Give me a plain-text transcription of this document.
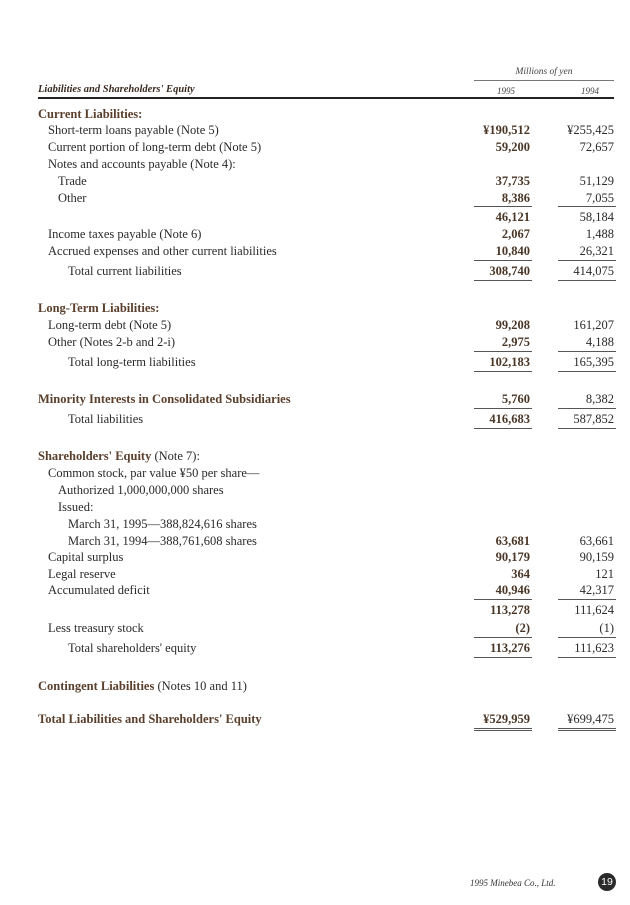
Millions of yen
Liabilities and Shareholders' Equity	1995	1994
Current Liabilities:
Short-term loans payable (Note 5)	¥190,512	¥255,425
Current portion of long-term debt (Note 5)	59,200	72,657
Notes and accounts payable (Note 4):
Trade	37,735	51,129
Other	8,386	7,055
46,121	58,184
Income taxes payable (Note 6)	2,067	1,488
Accrued expenses and other current liabilities	10,840	26,321
Total current liabilities	308,740	414,075
Long-Term Liabilities:
Long-term debt (Note 5)	99,208	161,207
Other (Notes 2-b and 2-i)	2,975	4,188
Total long-term liabilities	102,183	165,395
Minority Interests in Consolidated Subsidiaries	5,760	8,382
Total liabilities	416,683	587,852
Shareholders' Equity (Note 7):
Common stock, par value ¥50 per share—
Authorized 1,000,000,000 shares
Issued:
March 31, 1995—388,824,616 shares
March 31, 1994—388,761,608 shares	63,681	63,661
Capital surplus	90,179	90,159
Legal reserve	364	121
Accumulated deficit	40,946	42,317
113,278	111,624
Less treasury stock	(2)	(1)
Total shareholders' equity	113,276	111,623
Contingent Liabilities (Notes 10 and 11)
Total Liabilities and Shareholders' Equity	¥529,959	¥699,475
1995 Minebea Co., Ltd.	19
